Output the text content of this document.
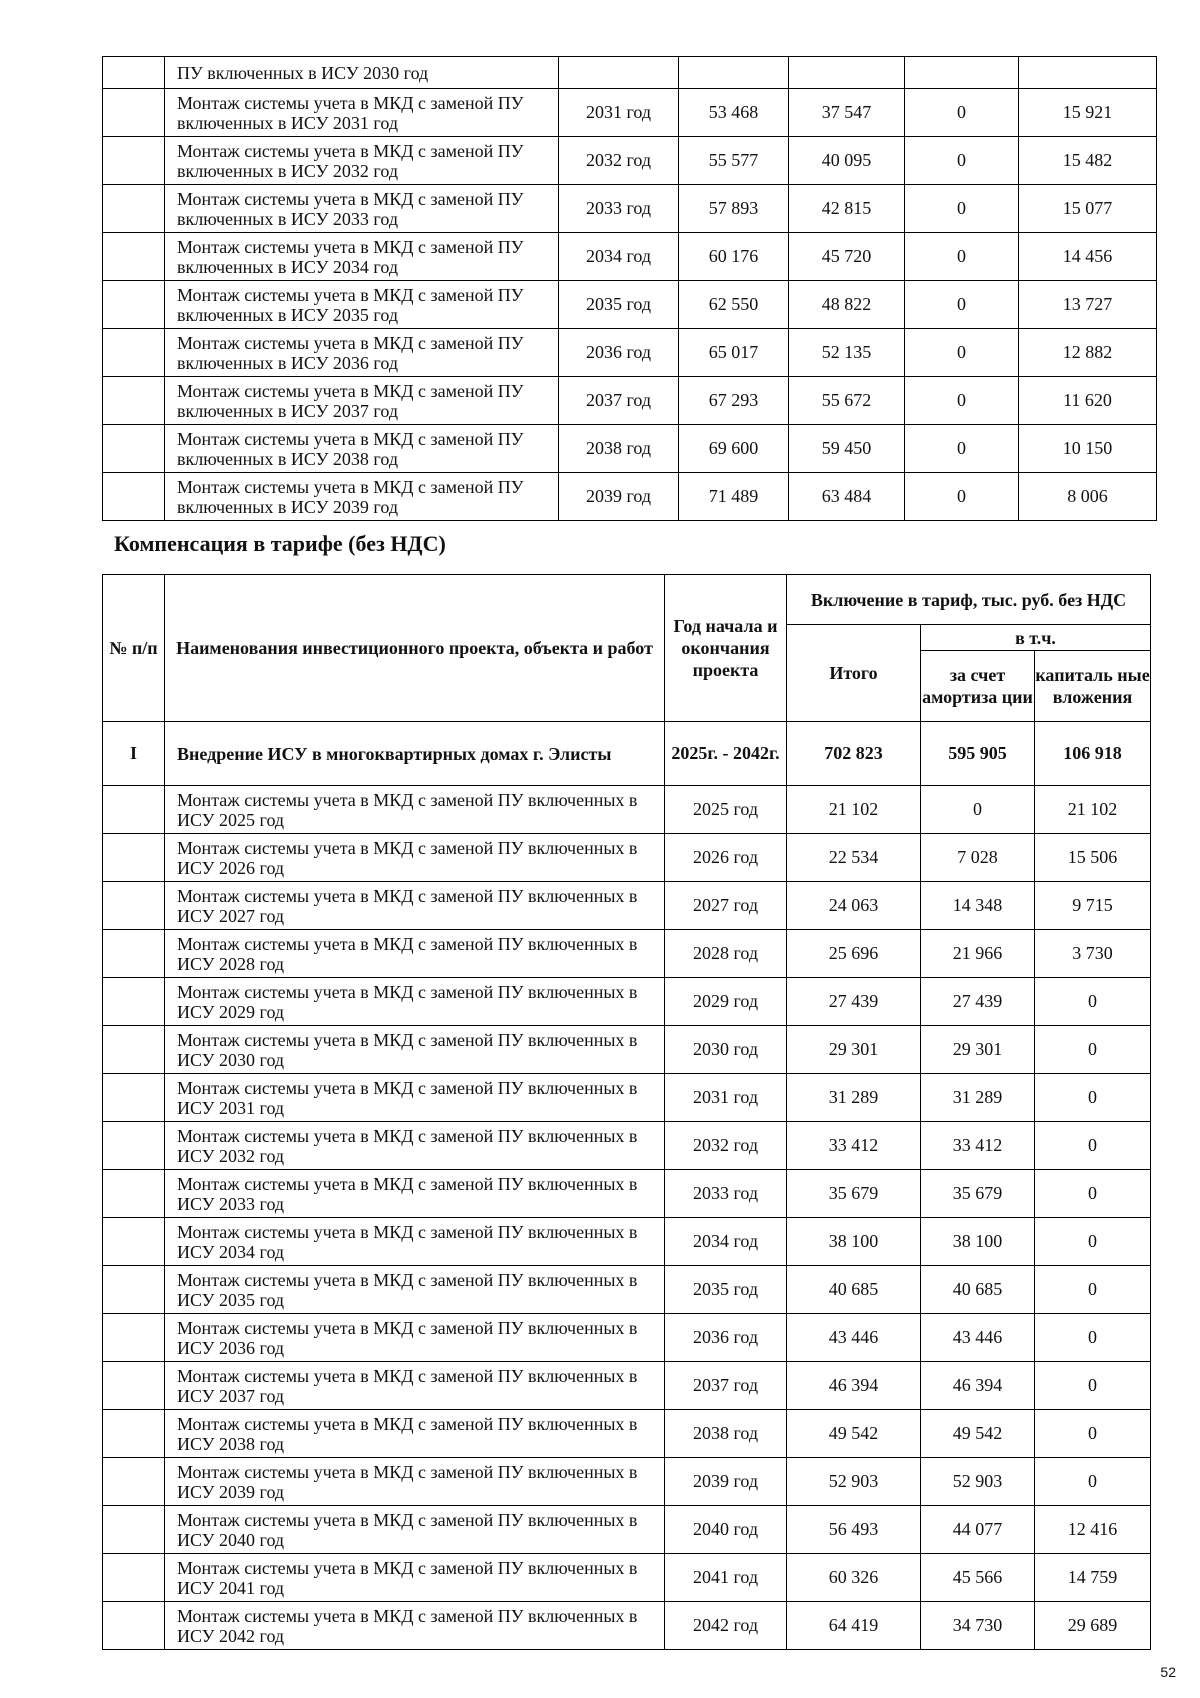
	ПУ включенных в ИСУ 2030 год					
	Монтаж системы учета в МКД с заменой ПУ включенных в ИСУ 2031 год	2031 год	53 468	37 547	0	15 921
	Монтаж системы учета в МКД с заменой ПУ включенных в ИСУ 2032 год	2032 год	55 577	40 095	0	15 482
	Монтаж системы учета в МКД с заменой ПУ включенных в ИСУ 2033 год	2033 год	57 893	42 815	0	15 077
	Монтаж системы учета в МКД с заменой ПУ включенных в ИСУ 2034 год	2034 год	60 176	45 720	0	14 456
	Монтаж системы учета в МКД с заменой ПУ включенных в ИСУ 2035 год	2035 год	62 550	48 822	0	13 727
	Монтаж системы учета в МКД с заменой ПУ включенных в ИСУ 2036 год	2036 год	65 017	52 135	0	12 882
	Монтаж системы учета в МКД с заменой ПУ включенных в ИСУ 2037 год	2037 год	67 293	55 672	0	11 620
	Монтаж системы учета в МКД с заменой ПУ включенных в ИСУ 2038 год	2038 год	69 600	59 450	0	10 150
	Монтаж системы учета в МКД с заменой ПУ включенных в ИСУ 2039 год	2039 год	71 489	63 484	0	8 006
Компенсация в тарифе (без НДС)
№ п/п	Наименования инвестиционного проекта, объекта и работ	Год начала и окончания проекта	Включение в тариф, тыс. руб. без НДС		
			Итого	в т.ч.	
				за счет амортиза ции	капиталь ные вложения
I	Внедрение ИСУ в многоквартирных домах г. Элисты	2025г. - 2042г.	702 823	595 905	106 918
	Монтаж системы учета в МКД с заменой ПУ включенных в ИСУ 2025 год	2025 год	21 102	0	21 102
	Монтаж системы учета в МКД с заменой ПУ включенных в ИСУ 2026 год	2026 год	22 534	7 028	15 506
	Монтаж системы учета в МКД с заменой ПУ включенных в ИСУ 2027 год	2027 год	24 063	14 348	9 715
	Монтаж системы учета в МКД с заменой ПУ включенных в ИСУ 2028 год	2028 год	25 696	21 966	3 730
	Монтаж системы учета в МКД с заменой ПУ включенных в ИСУ 2029 год	2029 год	27 439	27 439	0
	Монтаж системы учета в МКД с заменой ПУ включенных в ИСУ 2030 год	2030 год	29 301	29 301	0
	Монтаж системы учета в МКД с заменой ПУ включенных в ИСУ 2031 год	2031 год	31 289	31 289	0
	Монтаж системы учета в МКД с заменой ПУ включенных в ИСУ 2032 год	2032 год	33 412	33 412	0
	Монтаж системы учета в МКД с заменой ПУ включенных в ИСУ 2033 год	2033 год	35 679	35 679	0
	Монтаж системы учета в МКД с заменой ПУ включенных в ИСУ 2034 год	2034 год	38 100	38 100	0
	Монтаж системы учета в МКД с заменой ПУ включенных в ИСУ 2035 год	2035 год	40 685	40 685	0
	Монтаж системы учета в МКД с заменой ПУ включенных в ИСУ 2036 год	2036 год	43 446	43 446	0
	Монтаж системы учета в МКД с заменой ПУ включенных в ИСУ 2037 год	2037 год	46 394	46 394	0
	Монтаж системы учета в МКД с заменой ПУ включенных в ИСУ 2038 год	2038 год	49 542	49 542	0
	Монтаж системы учета в МКД с заменой ПУ включенных в ИСУ 2039 год	2039 год	52 903	52 903	0
	Монтаж системы учета в МКД с заменой ПУ включенных в ИСУ 2040 год	2040 год	56 493	44 077	12 416
	Монтаж системы учета в МКД с заменой ПУ включенных в ИСУ 2041 год	2041 год	60 326	45 566	14 759
	Монтаж системы учета в МКД с заменой ПУ включенных в ИСУ 2042 год	2042 год	64 419	34 730	29 689
52
